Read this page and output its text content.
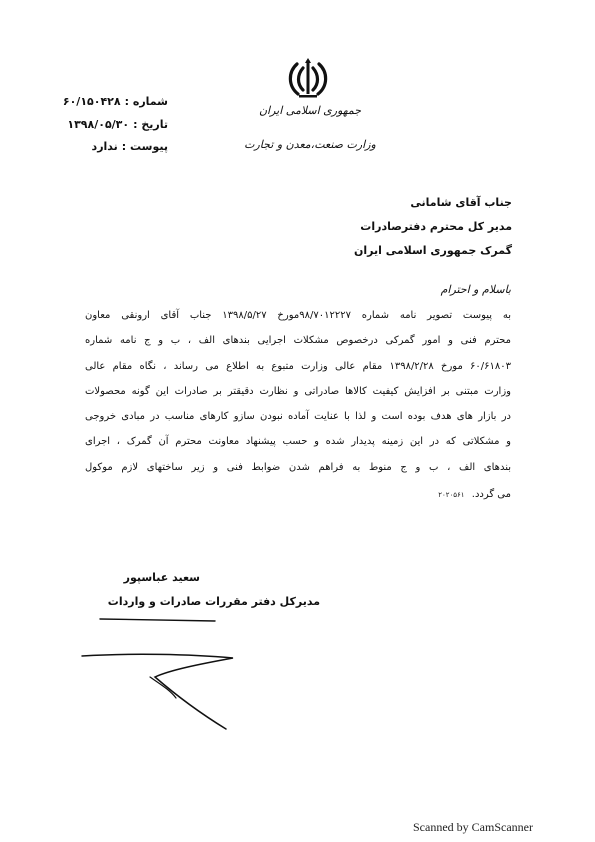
جمهوری اسلامی ایران
وزارت صنعت،معدن و تجارت
شماره :۶۰/۱۵۰۴۲۸
تاریخ :۱۳۹۸/۰۵/۳۰
پیوست :ندارد
جناب آقای شامانی
مدیر کل محترم دفترصادرات
گمرک جمهوری اسلامی ایران
باسلام و احترام
به پیوست تصویر نامه شماره ۹۸/۷۰۱۲۲۲۷مورخ ۱۳۹۸/۵/۲۷ جناب آقای ارونقی معاون
محترم فنی و امور گمرکی درخصوص مشکلات اجرایی بندهای الف ، ب و ج نامه شماره
۶۰/۶۱۸۰۳ مورخ ۱۳۹۸/۲/۲۸ مقام عالی وزارت متبوع به اطلاع می رساند ، نگاه مقام عالی
وزارت مبتنی بر افزایش کیفیت کالاها صادراتی و نظارت دقیقتر بر صادرات این گونه محصولات
در بازار های هدف بوده است و لذا با عنایت آماده نبودن سازو کارهای مناسب در مبادی خروجی
و مشکلاتی که در این زمینه پدیدار شده و حسب پیشنهاد معاونت محترم آن گمرک ، اجرای
بندهای الف ، ب و ج منوط به فراهم شدن ضوابط فنی و زیر ساختهای لازم موکول
می گردد. ۲۰۲۰۵۶۱
سعید عباسپور
مدیرکل دفتر مقررات صادرات و واردات
Scanned by CamScanner
